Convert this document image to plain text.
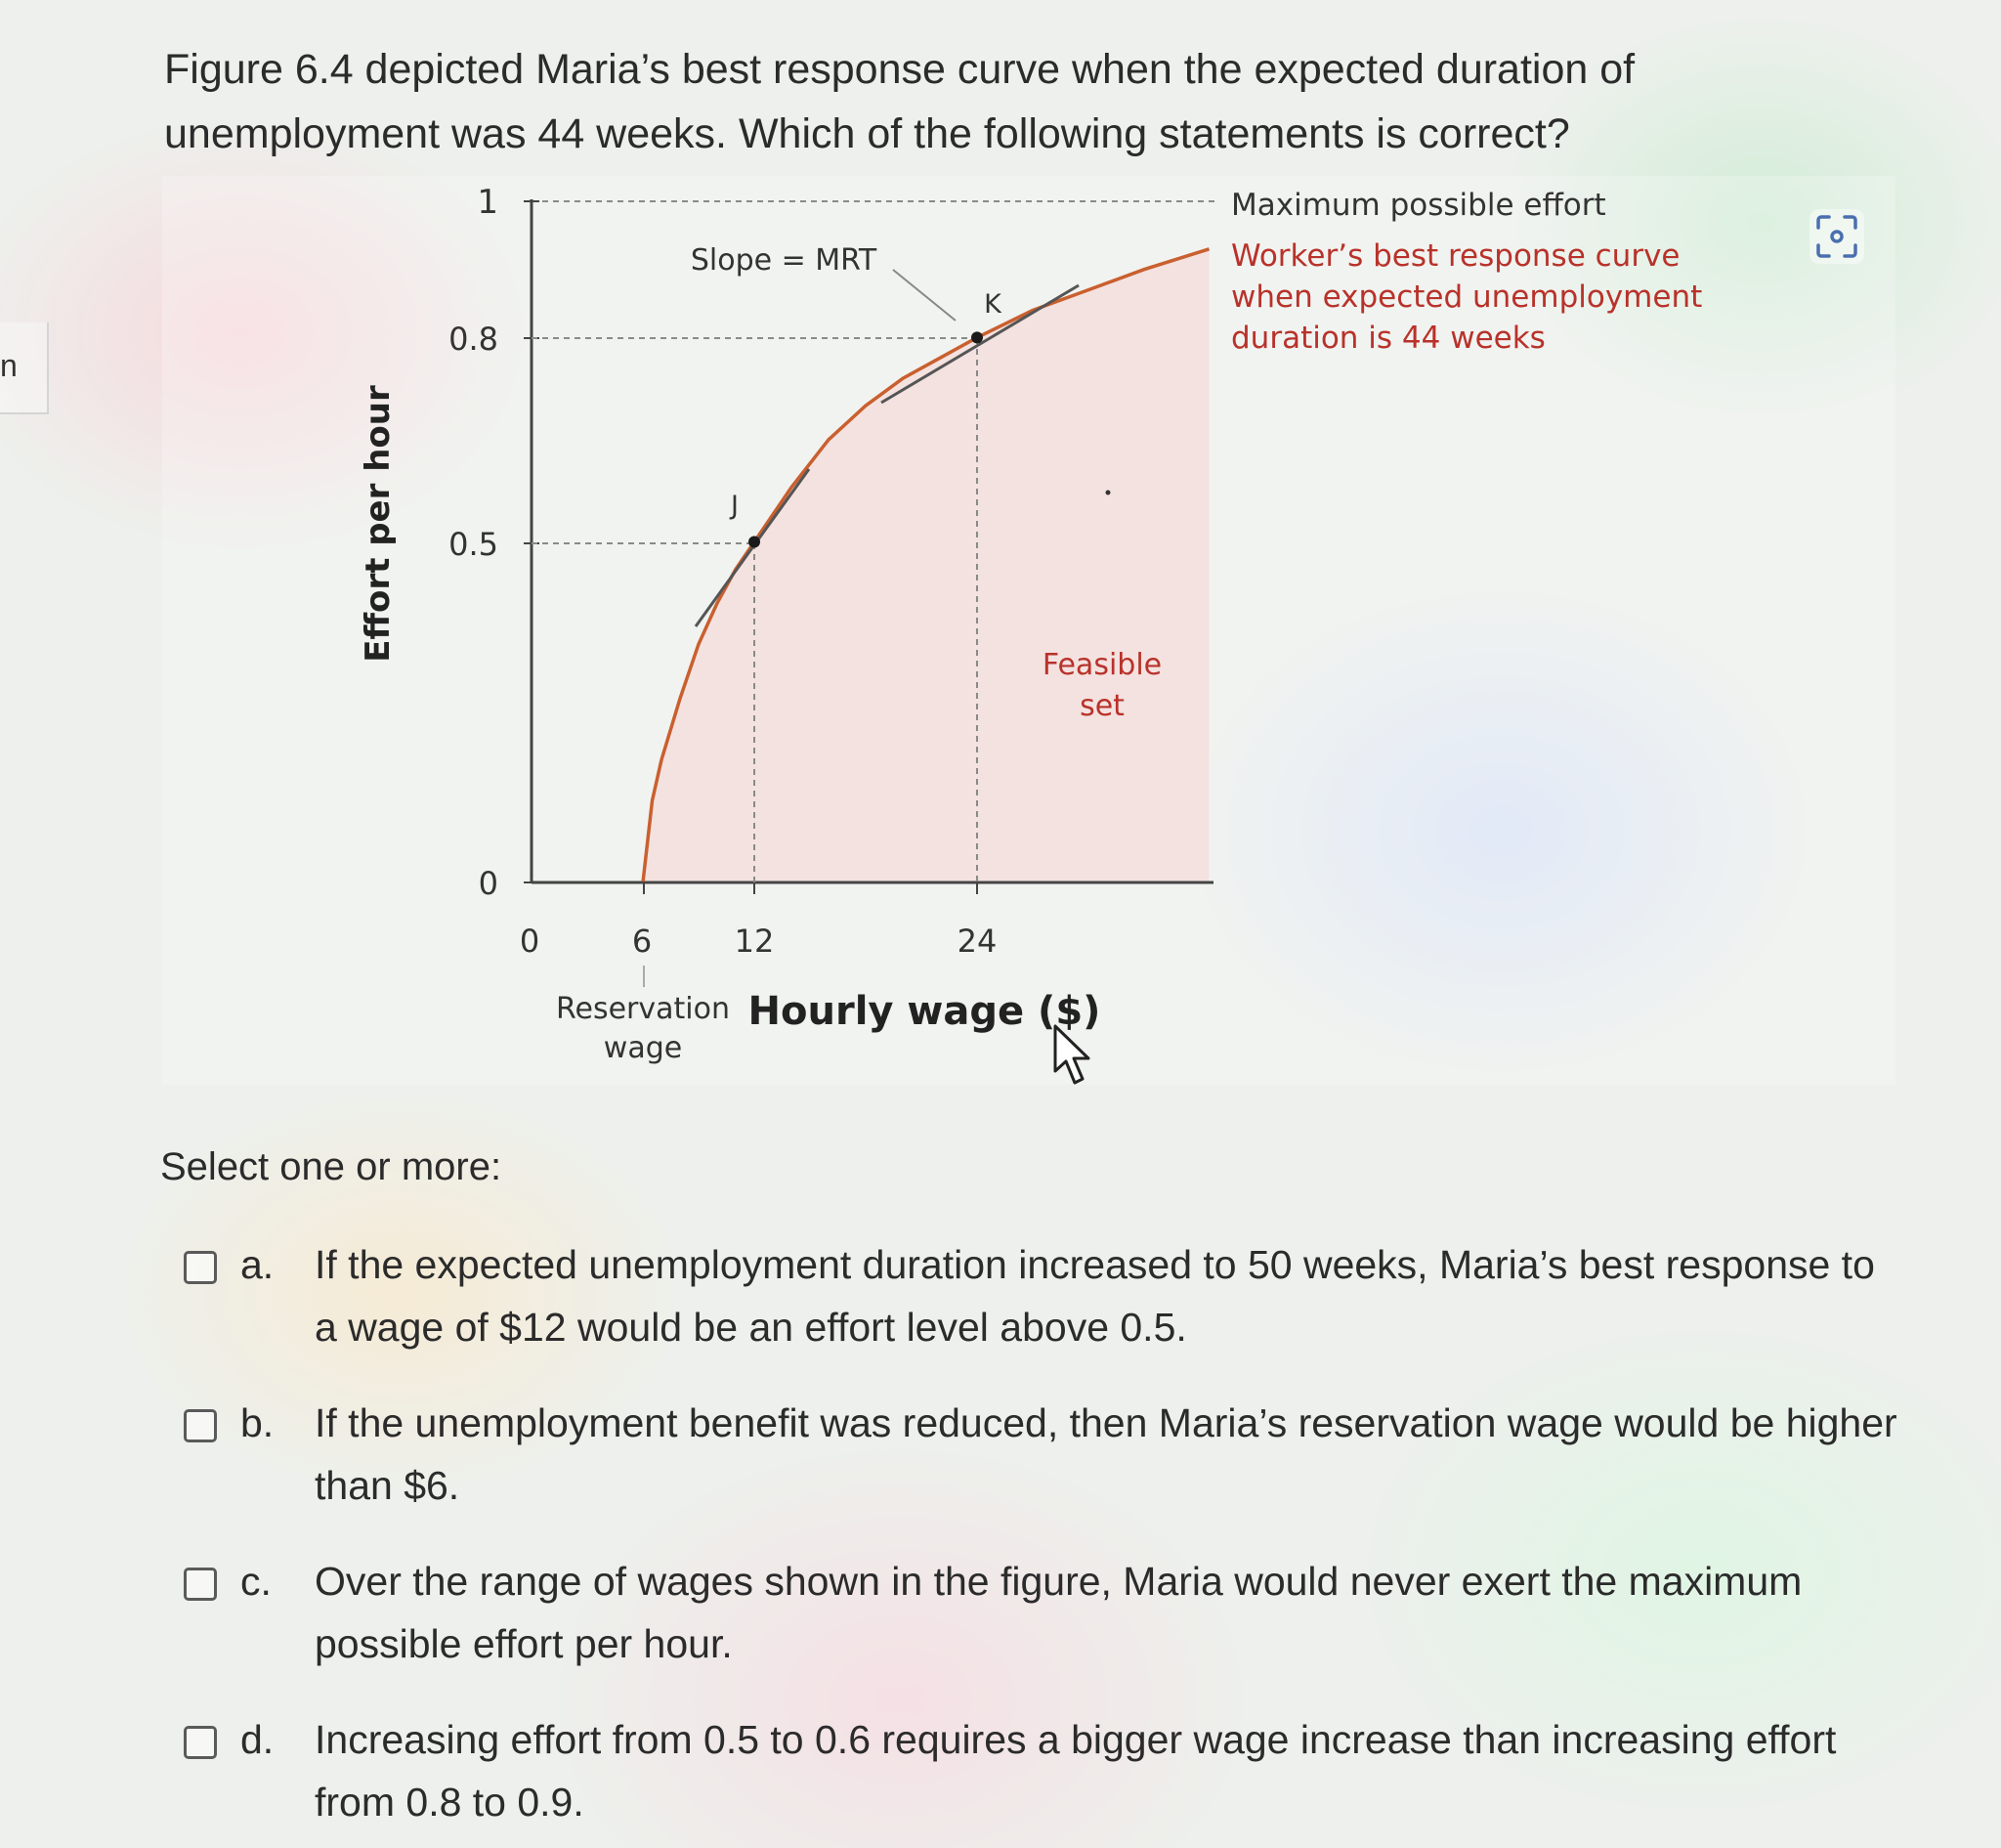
n
Figure 6.4 depicted Maria’s best response curve when the expected duration of unemployment was 44 weeks. Which of the following statements is correct?
1
0.8
0.5
0
0	6	12	24
Effort per hour
Hourly wage ($)
Slope = MRT
K
J
Feasible
set
Reservation
wage
Maximum possible effort
Worker’s best response curve
when expected unemployment
duration is 44 weeks
Select one or more:
a. If the expected unemployment duration increased to 50 weeks, Maria’s best response to a wage of $12 would be an effort level above 0.5.
b. If the unemployment benefit was reduced, then Maria’s reservation wage would be higher than $6.
c. Over the range of wages shown in the figure, Maria would never exert the maximum possible effort per hour.
d. Increasing effort from 0.5 to 0.6 requires a bigger wage increase than increasing effort from 0.8 to 0.9.
